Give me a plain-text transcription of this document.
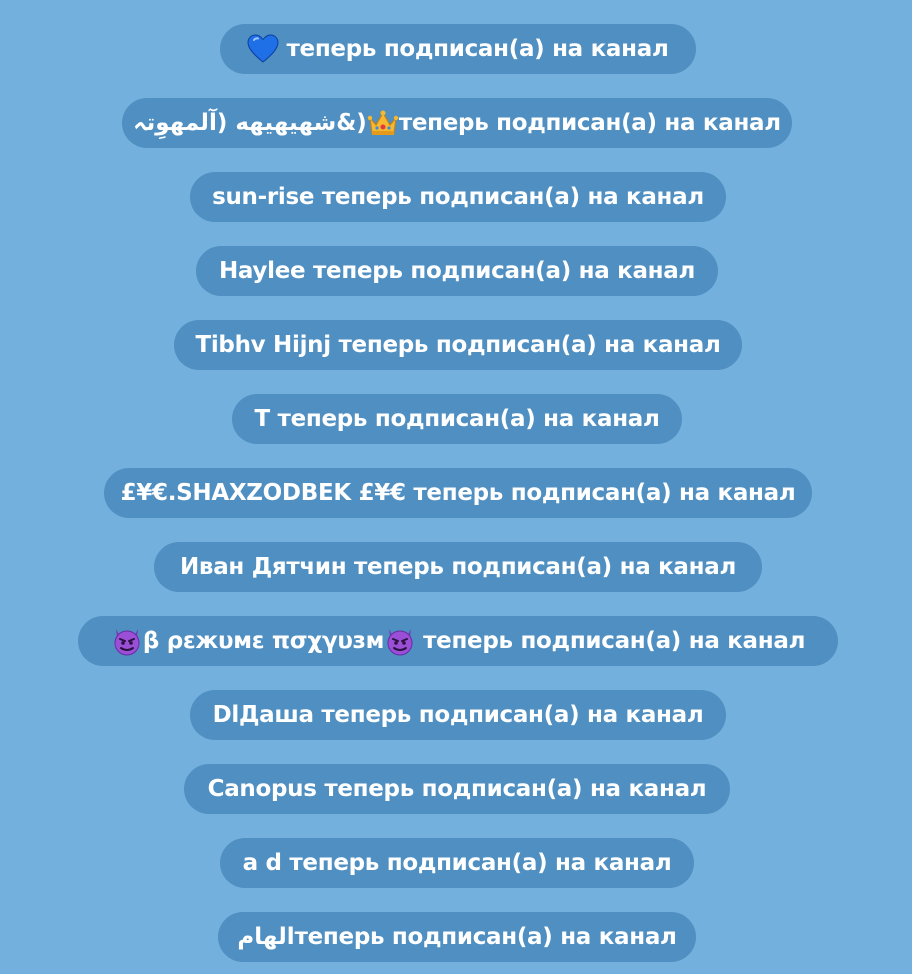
теперь подписан(а) на канал
(&شهيهيهه (آلمهوِتہ теперь подписан(а) на канал
sun-rise теперь подписан(а) на канал
Haylee теперь подписан(а) на канал
Tibhv Hijnj теперь подписан(а) на канал
T теперь подписан(а) на канал
£¥€.SHAXZODBEK £¥€ теперь подписан(а) на канал
Иван Дятчин теперь подписан(а) на канал
β ρεжυмε πσχγυзм теперь подписан(а) на канал
DlДаша теперь подписан(а) на канал
Canopus теперь подписан(а) на канал
a d теперь подписан(а) на канал
الهام теперь подписан(а) на канал
